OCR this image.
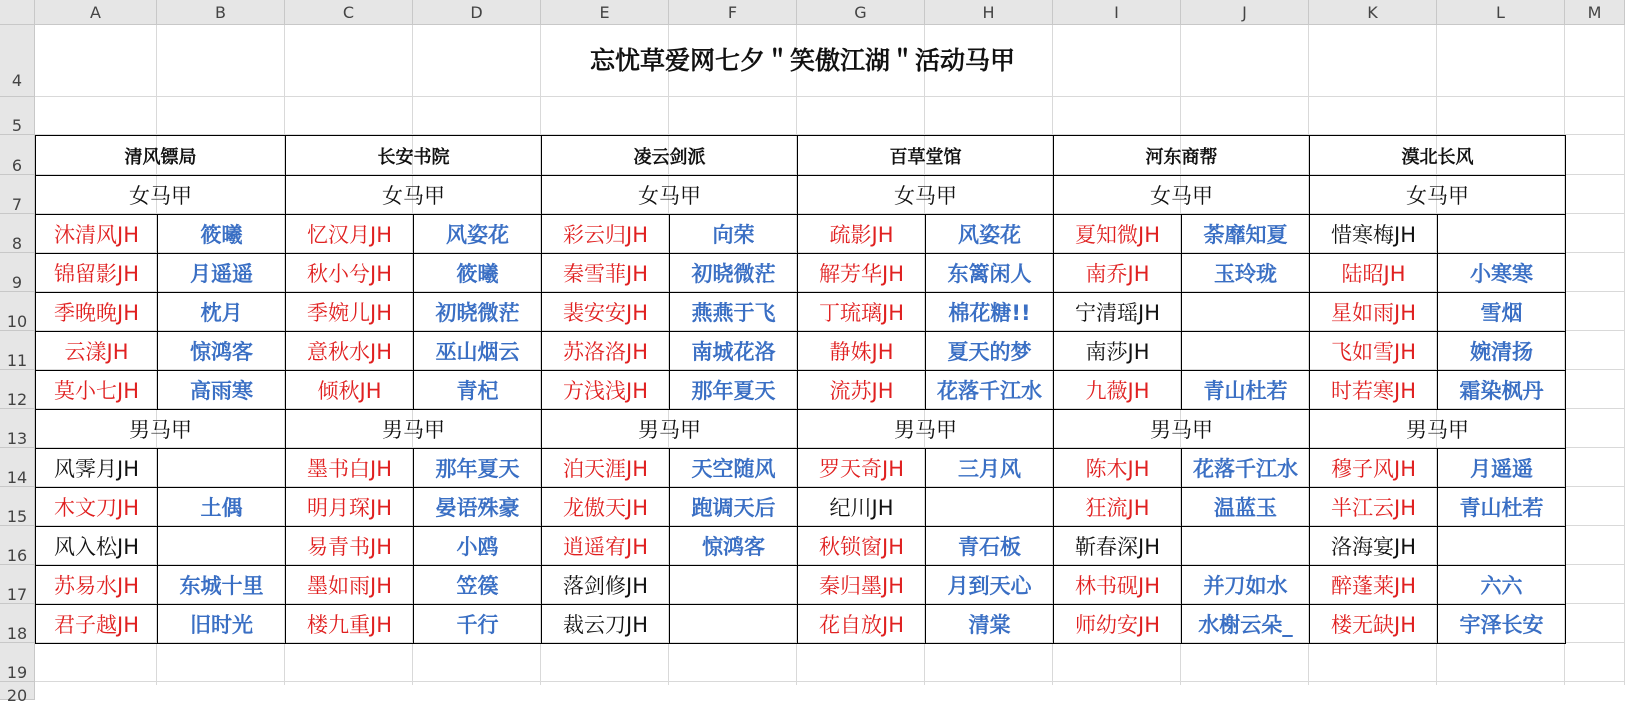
A	B	C	D	E	F	G	H	I	J	K	L	M
4
5
6
7
8
9
10
11
12
13
14
15
16
17
18
19
20
忘忧草爱网七夕＂笑傲江湖＂活动马甲
清风镖局		长安书院		凌云剑派		百草堂馆		河东商帮		漠北长风	
女马甲		女马甲		女马甲		女马甲		女马甲		女马甲	
沐清风JH	筱曦	忆汉月JH	风姿花	彩云归JH	向荣	疏影JH	风姿花	夏知微JH	荼靡知夏	惜寒梅JH	
锦留影JH	月遥遥	秋小兮JH	筱曦	秦雪菲JH	初晓微茫	解芳华JH	东篱闲人	南乔JH	玉玲珑	陆昭JH	小寒寒
季晚晚JH	枕月	季婉儿JH	初晓微茫	裴安安JH	燕燕于飞	丁琉璃JH	棉花糖!!	宁清瑶JH		星如雨JH	雪烟
云漾JH	惊鸿客	意秋水JH	巫山烟云	苏洛洛JH	南城花洛	静姝JH	夏天的梦	南莎JH		飞如雪JH	婉清扬
莫小七JH	高雨寒	倾秋JH	青杞	方浅浅JH	那年夏天	流苏JH	花落千江水	九薇JH	青山杜若	时若寒JH	霜染枫丹
男马甲		男马甲		男马甲		男马甲		男马甲		男马甲	
风霁月JH		墨书白JH	那年夏天	泊天涯JH	天空随风	罗天奇JH	三月风	陈木JH	花落千江水	穆子风JH	月遥遥
木文刀JH	土偶	明月琛JH	晏语殊豪	龙傲天JH	跑调天后	纪川JH		狂流JH	温蓝玉	半江云JH	青山杜若
风入松JH		易青书JH	小鸥	逍遥宥JH	惊鸿客	秋锁窗JH	青石板	靳春深JH		洛海宴JH	
苏易水JH	东城十里	墨如雨JH	笠篌	落剑修JH		秦归墨JH	月到天心	林书砚JH	并刀如水	醉蓬莱JH	六六
君子越JH	旧时光	楼九重JH	千行	裁云刀JH		花自放JH	清棠	师幼安JH	水榭云朵_	楼无缺JH	宇泽长安
